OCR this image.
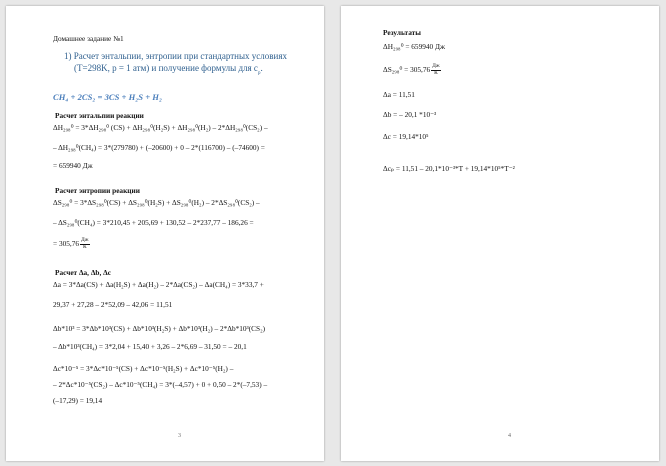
Домашнее задание №1
1) Расчет энтальпии, энтропии при стандартных условиях
(Т=298K, p = 1 атм) и получение формулы для $c_p$.
CH₄ + 2CS₂ = 3CS + H₂S + H₂
Расчет энтальпии реакции
ΔH₂₉₈⁰ = 3*ΔH₂₉₈⁰ (CS) + ΔH₂₉₈⁰(H₂S) + ΔH₂₉₈⁰(H₂) – 2*ΔH₂₉₈⁰(CS₂) –
– ΔH₂₉₈⁰(CH₄) = 3*(279780) + (–20600) + 0 – 2*(116700) – (–74600) =
= 659940 Дж
Расчет энтропии реакции
ΔS₂₉₈⁰ = 3*ΔS₂₉₈⁰(CS) + ΔS₂₉₈⁰(H₂S) + ΔS₂₉₈⁰(H₂) – 2*ΔS₂₉₈⁰(CS₂) –
– ΔS₂₉₈⁰(CH₄) = 3*210,45 + 205,69 + 130,52 – 2*237,77 – 186,26 =
= $305,76 \frac{Дж}{К}$
Расчет Δa, Δb, Δc
Δa = 3*Δa(CS) + Δa(H₂S) + Δa(H₂) – 2*Δa(CS₂) – Δa(CH₄) = 3*33,7 +
29,37 + 27,28 – 2*52,09 – 42,06 = 11,51
Δb*10³ = 3*Δb*10³(CS) + Δb*10³(H₂S) + Δb*10³(H₂) – 2*Δb*10³(CS₂)
– Δb*10³(CH₄) = 3*2,04 + 15,40 + 3,26 – 2*6,69 – 31,50 = – 20,1
Δc*10⁻⁵ = 3*Δc*10⁻⁵(CS) + Δc*10⁻⁵(H₂S) + Δc*10⁻⁵(H₂) –
– 2*Δc*10⁻⁵(CS₂) – Δc*10⁻⁵(CH₄) = 3*(–4,57) + 0 + 0,50 – 2*(–7,53) –
(–17,29) = 19,14
3
Результаты
ΔH₂₉₈⁰ = 659940 Дж
$\Delta S_{298}^0 = 305,76 \frac{Дж}{К}$
Δa = 11,51
Δb = – 20,1 *10⁻³
Δc = 19,14*10⁵
Δcₚ = 11,51 – 20,1*10⁻³*T + 19,14*10⁵*T⁻²
4
